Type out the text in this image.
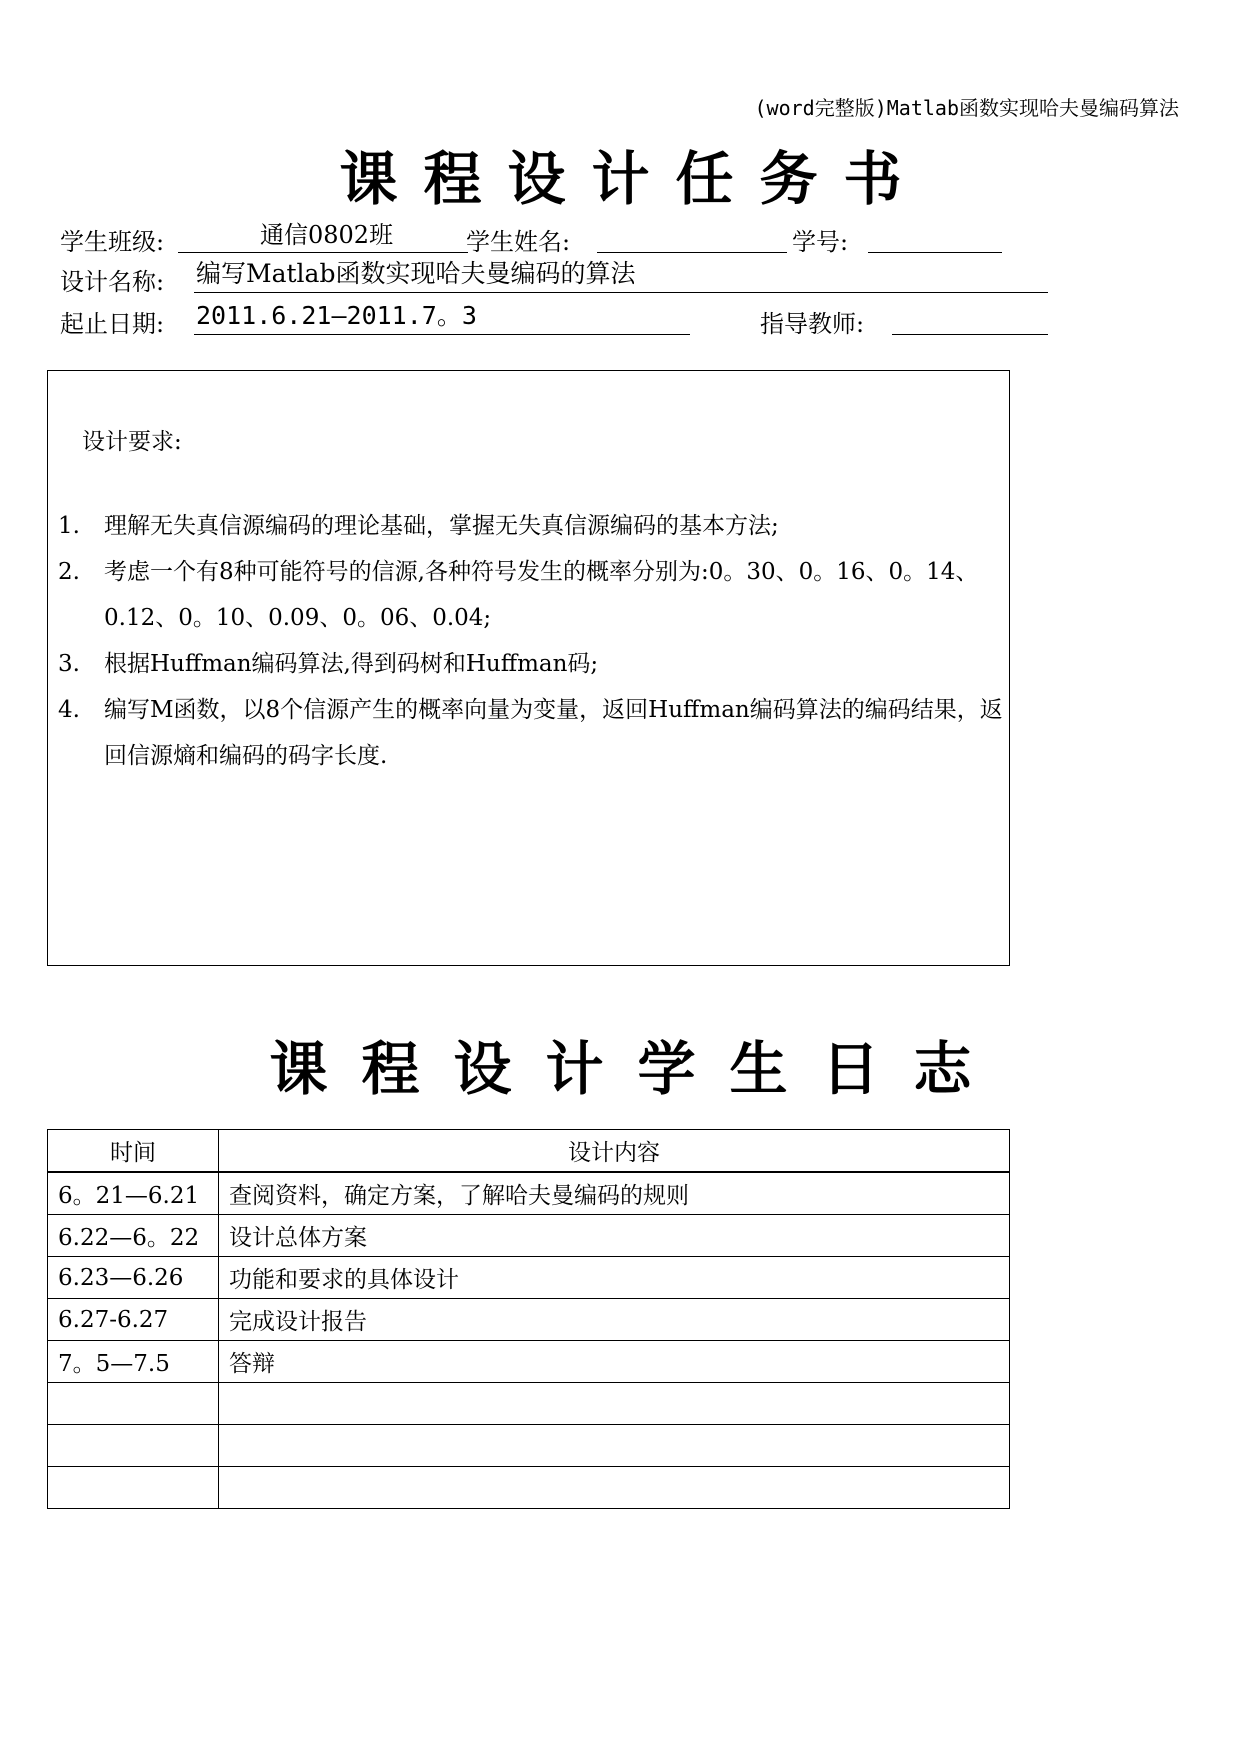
(word完整版)Matlab函数实现哈夫曼编码算法
课程设计任务书
学生班级:	通信0802班	学生姓名:	学号:
设计名称: 编写Matlab函数实现哈夫曼编码的算法
起止日期: 2011.6.21—2011.7。3	指导教师:
设计要求:
1.	理解无失真信源编码的理论基础，掌握无失真信源编码的基本方法;
2.	考虑一个有8种可能符号的信源,各种符号发生的概率分别为:0。30、0。16、0。14、0.12、0。10、0.09、0。06、0.04;
3.	根据Huffman编码算法,得到码树和Huffman码;
4.	编写M函数，以8个信源产生的概率向量为变量，返回Huffman编码算法的编码结果，返回信源熵和编码的码字长度.
课程设计学生日志
时间	设计内容
6。21—6.21	查阅资料，确定方案，了解哈夫曼编码的规则
6.22—6。22	设计总体方案
6.23—6.26	功能和要求的具体设计
6.27-6.27	完成设计报告
7。5—7.5	答辩
